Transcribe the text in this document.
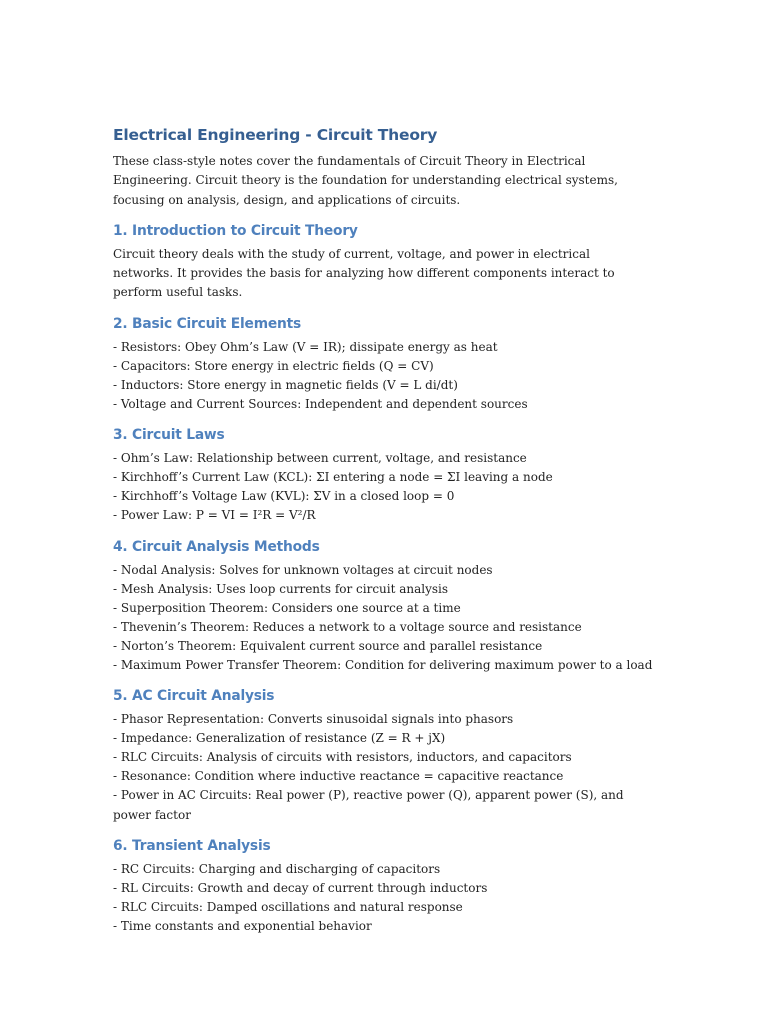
Electrical Engineering - Circuit Theory

These class-style notes cover the fundamentals of Circuit Theory in Electrical Engineering. Circuit theory is the foundation for understanding electrical systems, focusing on analysis, design, and applications of circuits.

1. Introduction to Circuit Theory

Circuit theory deals with the study of current, voltage, and power in electrical networks. It provides the basis for analyzing how different components interact to perform useful tasks.

2. Basic Circuit Elements
- Resistors: Obey Ohm’s Law (V = IR); dissipate energy as heat
- Capacitors: Store energy in electric fields (Q = CV)
- Inductors: Store energy in magnetic fields (V = L di/dt)
- Voltage and Current Sources: Independent and dependent sources
3. Circuit Laws
- Ohm’s Law: Relationship between current, voltage, and resistance
- Kirchhoff’s Current Law (KCL): ΣI entering a node = ΣI leaving a node
- Kirchhoff’s Voltage Law (KVL): ΣV in a closed loop = 0
- Power Law: P = VI = I²R = V²/R
4. Circuit Analysis Methods
- Nodal Analysis: Solves for unknown voltages at circuit nodes
- Mesh Analysis: Uses loop currents for circuit analysis
- Superposition Theorem: Considers one source at a time
- Thevenin’s Theorem: Reduces a network to a voltage source and resistance
- Norton’s Theorem: Equivalent current source and parallel resistance
- Maximum Power Transfer Theorem: Condition for delivering maximum power to a load
5. AC Circuit Analysis
- Phasor Representation: Converts sinusoidal signals into phasors
- Impedance: Generalization of resistance (Z = R + jX)
- RLC Circuits: Analysis of circuits with resistors, inductors, and capacitors
- Resonance: Condition where inductive reactance = capacitive reactance
- Power in AC Circuits: Real power (P), reactive power (Q), apparent power (S), and power factor
6. Transient Analysis
- RC Circuits: Charging and discharging of capacitors
- RL Circuits: Growth and decay of current through inductors
- RLC Circuits: Damped oscillations and natural response
- Time constants and exponential behavior
